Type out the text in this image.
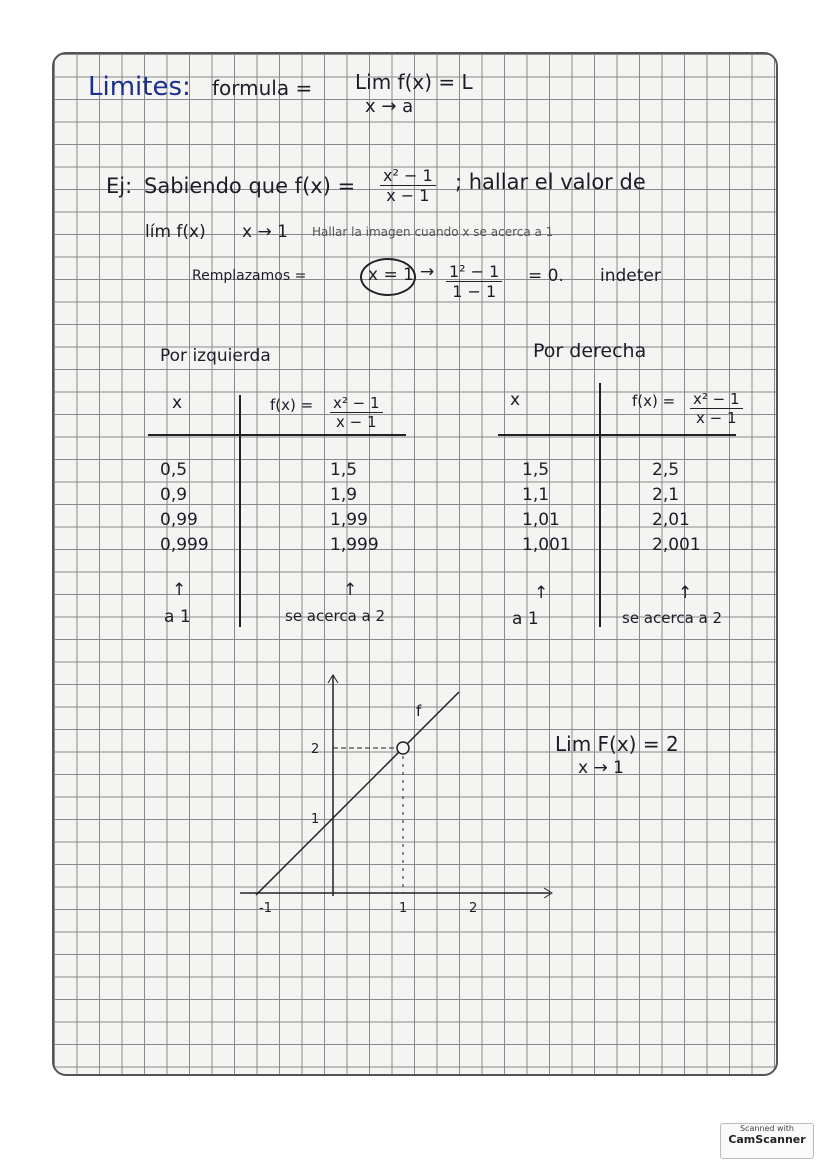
Limites: formula = Lim f(x) = L
x → a
Ej: Sabiendo que $f(x) = \frac{\text{x² − 1}}{x - 1}$ ; hallar el valor de
lím f(x) x → 1 Hallar la imagen cuando x se acerca a 1
Remplazamos =	$x = 1 \to \frac{\text{1² − 1}}{1 - 1} = 0$. indeter
Por izquierda
x	$f(x) = \frac{\text{x² − 1}}{x - 1}$
0,5	1,5
0,9	1,9
0,99	1,99
0,999	1,999
↑	↑
a 1	se acerca a 2
Por derecha
x	$f(x) = \frac{\text{x² − 1}}{x - 1}$
1,5	2,5
1,1	2,1
1,01	2,01
1,001	2,001
↑	↑
a 1	se acerca a 2
-1	1	2
1
2
f
Lim F(x) = 2
x → 1
Scanned with
CamScanner
